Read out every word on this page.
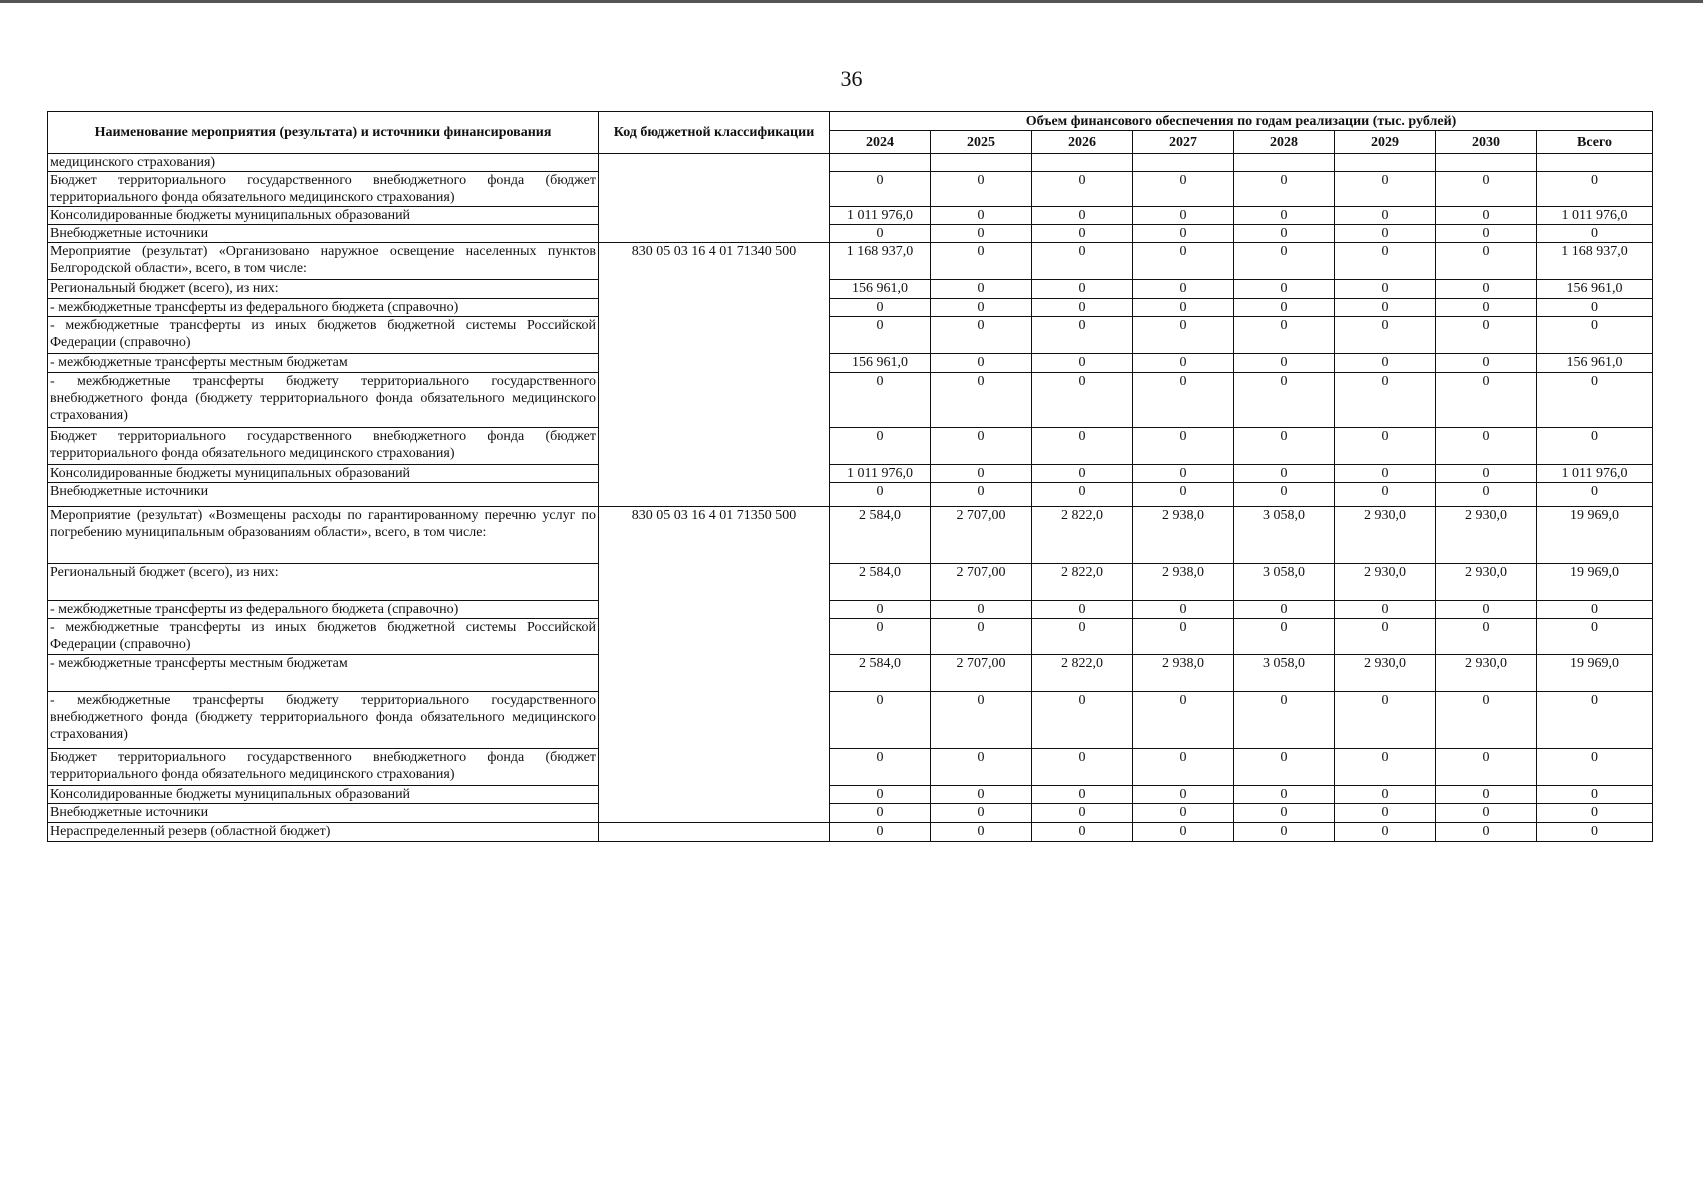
36
Наименование мероприятия (результата) и источники финансирования	Код бюджетной классификации	Объем финансового обеспечения по годам реализации (тыс. рублей)							
		2024	2025	2026	2027	2028	2029	2030	Всего
медицинского страхования)									
Бюджет территориального государственного внебюджетного фонда (бюджет территориального фонда обязательного медицинского страхования)		0	0	0	0	0	0	0	0
Консолидированные бюджеты муниципальных образований		1 011 976,0	0	0	0	0	0	0	1 011 976,0
Внебюджетные источники		0	0	0	0	0	0	0	0
Мероприятие (результат) «Организовано наружное освещение населенных пунктов Белгородской области», всего, в том числе:	830 05 03 16 4 01 71340 500	1 168 937,0	0	0	0	0	0	0	1 168 937,0
Региональный бюджет (всего), из них:		156 961,0	0	0	0	0	0	0	156 961,0
- межбюджетные трансферты из федерального бюджета (справочно)		0	0	0	0	0	0	0	0
- межбюджетные трансферты из иных бюджетов бюджетной системы Российской Федерации (справочно)		0	0	0	0	0	0	0	0
- межбюджетные трансферты местным бюджетам		156 961,0	0	0	0	0	0	0	156 961,0
- межбюджетные трансферты бюджету территориального государственного внебюджетного фонда (бюджету территориального фонда обязательного медицинского страхования)		0	0	0	0	0	0	0	0
Бюджет территориального государственного внебюджетного фонда (бюджет территориального фонда обязательного медицинского страхования)		0	0	0	0	0	0	0	0
Консолидированные бюджеты муниципальных образований		1 011 976,0	0	0	0	0	0	0	1 011 976,0
Внебюджетные источники		0	0	0	0	0	0	0	0
Мероприятие (результат) «Возмещены расходы по гарантированному перечню услуг по погребению муниципальным образованиям области», всего, в том числе:	830 05 03 16 4 01 71350 500	2 584,0	2 707,00	2 822,0	2 938,0	3 058,0	2 930,0	2 930,0	19 969,0
Региональный бюджет (всего), из них:		2 584,0	2 707,00	2 822,0	2 938,0	3 058,0	2 930,0	2 930,0	19 969,0
- межбюджетные трансферты из федерального бюджета (справочно)		0	0	0	0	0	0	0	0
- межбюджетные трансферты из иных бюджетов бюджетной системы Российской Федерации (справочно)		0	0	0	0	0	0	0	0
- межбюджетные трансферты местным бюджетам		2 584,0	2 707,00	2 822,0	2 938,0	3 058,0	2 930,0	2 930,0	19 969,0
- межбюджетные трансферты бюджету территориального государственного внебюджетного фонда (бюджету территориального фонда обязательного медицинского страхования)		0	0	0	0	0	0	0	0
Бюджет территориального государственного внебюджетного фонда (бюджет территориального фонда обязательного медицинского страхования)		0	0	0	0	0	0	0	0
Консолидированные бюджеты муниципальных образований		0	0	0	0	0	0	0	0
Внебюджетные источники		0	0	0	0	0	0	0	0
Нераспределенный резерв (областной бюджет)		0	0	0	0	0	0	0	0
